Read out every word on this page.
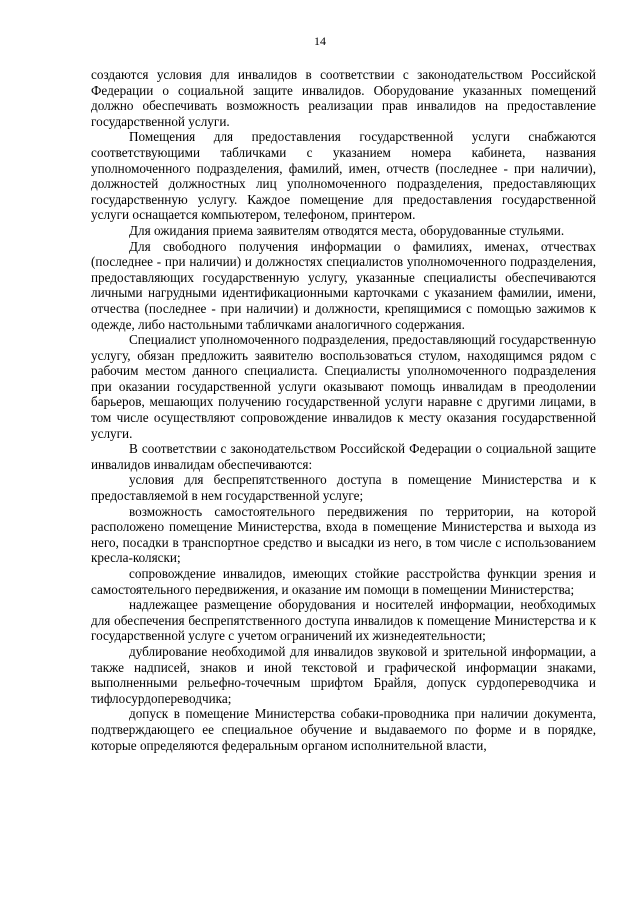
14

создаются условия для инвалидов в соответствии с законодательством Российской Федерации о социальной защите инвалидов. Оборудование указанных помещений должно обеспечивать возможность реализации прав инвалидов на предоставление государственной услуги.

Помещения для предоставления государственной услуги снабжаются соответствующими табличками с указанием номера кабинета, названия уполномоченного подразделения, фамилий, имен, отчеств (последнее - при наличии), должностей должностных лиц уполномоченного подразделения, предоставляющих государственную услугу. Каждое помещение для предоставления государственной услуги оснащается компьютером, телефоном, принтером.

Для ожидания приема заявителям отводятся места, оборудованные стульями.

Для свободного получения информации о фамилиях, именах, отчествах (последнее - при наличии) и должностях специалистов уполномоченного подразделения, предоставляющих государственную услугу, указанные специалисты обеспечиваются личными нагрудными идентификационными карточками с указанием фамилии, имени, отчества (последнее - при наличии) и должности, крепящимися с помощью зажимов к одежде, либо настольными табличками аналогичного содержания.

Специалист уполномоченного подразделения, предоставляющий государственную услугу, обязан предложить заявителю воспользоваться стулом, находящимся рядом с рабочим местом данного специалиста. Специалисты уполномоченного подразделения при оказании государственной услуги оказывают помощь инвалидам в преодолении барьеров, мешающих получению государственной услуги наравне с другими лицами, в том числе осуществляют сопровождение инвалидов к месту оказания государственной услуги.

В соответствии с законодательством Российской Федерации о социальной защите инвалидов инвалидам обеспечиваются:

условия для беспрепятственного доступа в помещение Министерства и к предоставляемой в нем государственной услуге;

возможность самостоятельного передвижения по территории, на которой расположено помещение Министерства, входа в помещение Министерства и выхода из него, посадки в транспортное средство и высадки из него, в том числе с использованием кресла-коляски;

сопровождение инвалидов, имеющих стойкие расстройства функции зрения и самостоятельного передвижения, и оказание им помощи в помещении Министерства;

надлежащее размещение оборудования и носителей информации, необходимых для обеспечения беспрепятственного доступа инвалидов к помещение Министерства и к государственной услуге с учетом ограничений их жизнедеятельности;

дублирование необходимой для инвалидов звуковой и зрительной информации, а также надписей, знаков и иной текстовой и графической информации знаками, выполненными рельефно-точечным шрифтом Брайля, допуск сурдопереводчика и тифлосурдопереводчика;

допуск в помещение Министерства собаки-проводника при наличии документа, подтверждающего ее специальное обучение и выдаваемого по форме и в порядке, которые определяются федеральным органом исполнительной власти,
